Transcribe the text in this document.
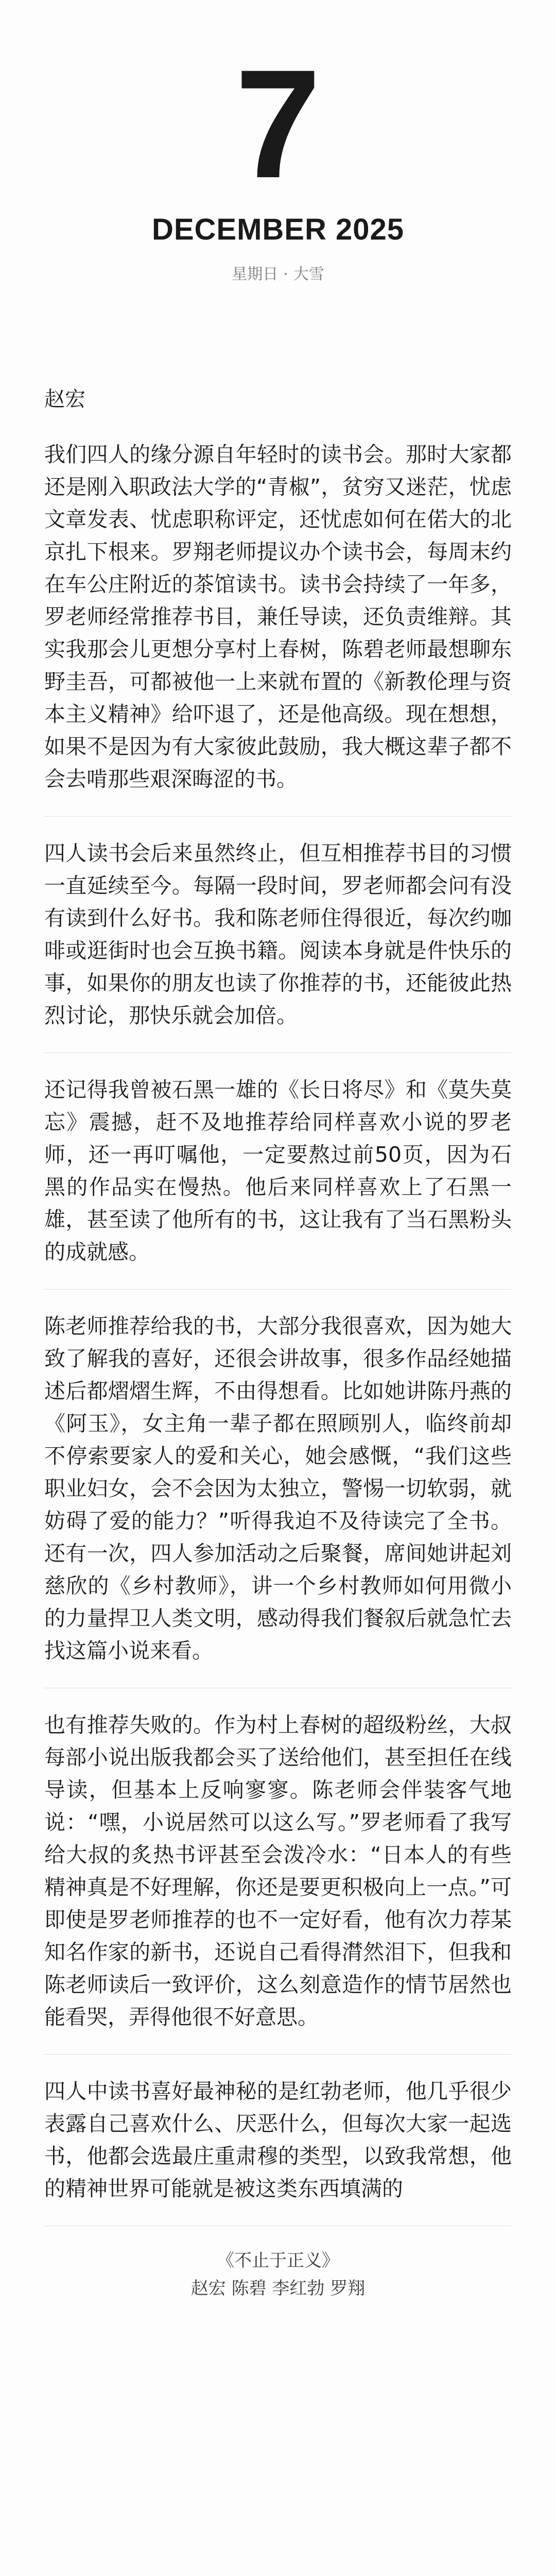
7
DECEMBER 2025
星期日 · 大雪

赵宏

我们四人的缘分源自年轻时的读书会。那时大家都还是刚入职政法大学的“青椒”，贫穷又迷茫，忧虑文章发表、忧虑职称评定，还忧虑如何在偌大的北京扎下根来。罗翔老师提议办个读书会，每周末约在车公庄附近的茶馆读书。读书会持续了一年多，罗老师经常推荐书目，兼任导读，还负责维辩。其实我那会儿更想分享村上春树，陈碧老师最想聊东野圭吾，可都被他一上来就布置的《新教伦理与资本主义精神》给吓退了，还是他高级。现在想想，如果不是因为有大家彼此鼓励，我大概这辈子都不会去啃那些艰深晦涩的书。

四人读书会后来虽然终止，但互相推荐书目的习惯一直延续至今。每隔一段时间，罗老师都会问有没有读到什么好书。我和陈老师住得很近，每次约咖啡或逛街时也会互换书籍。阅读本身就是件快乐的事，如果你的朋友也读了你推荐的书，还能彼此热烈讨论，那快乐就会加倍。

还记得我曾被石黑一雄的《长日将尽》和《莫失莫忘》震撼，赶不及地推荐给同样喜欢小说的罗老师，还一再叮嘱他，一定要熬过前50页，因为石黑的作品实在慢热。他后来同样喜欢上了石黑一雄，甚至读了他所有的书，这让我有了当石黑粉头的成就感。

陈老师推荐给我的书，大部分我很喜欢，因为她大致了解我的喜好，还很会讲故事，很多作品经她描述后都熠熠生辉，不由得想看。比如她讲陈丹燕的《阿玉》，女主角一辈子都在照顾别人，临终前却不停索要家人的爱和关心，她会感慨，“我们这些职业妇女，会不会因为太独立，警惕一切软弱，就妨碍了爱的能力？”听得我迫不及待读完了全书。还有一次，四人参加活动之后聚餐，席间她讲起刘慈欣的《乡村教师》，讲一个乡村教师如何用微小的力量捍卫人类文明，感动得我们餐叙后就急忙去找这篇小说来看。

也有推荐失败的。作为村上春树的超级粉丝，大叔每部小说出版我都会买了送给他们，甚至担任在线导读，但基本上反响寥寥。陈老师会伴装客气地说：“嘿，小说居然可以这么写。”罗老师看了我写给大叔的炙热书评甚至会泼冷水：“日本人的有些精神真是不好理解，你还是要更积极向上一点。”可即使是罗老师推荐的也不一定好看，他有次力荐某知名作家的新书，还说自己看得潸然泪下，但我和陈老师读后一致评价，这么刻意造作的情节居然也能看哭，弄得他很不好意思。

四人中读书喜好最神秘的是红勃老师，他几乎很少表露自己喜欢什么、厌恶什么，但每次大家一起选书，他都会选最庄重肃穆的类型，以致我常想，他的精神世界可能就是被这类东西填满的

《不止于正义》
赵宏 陈碧 李红勃 罗翔
